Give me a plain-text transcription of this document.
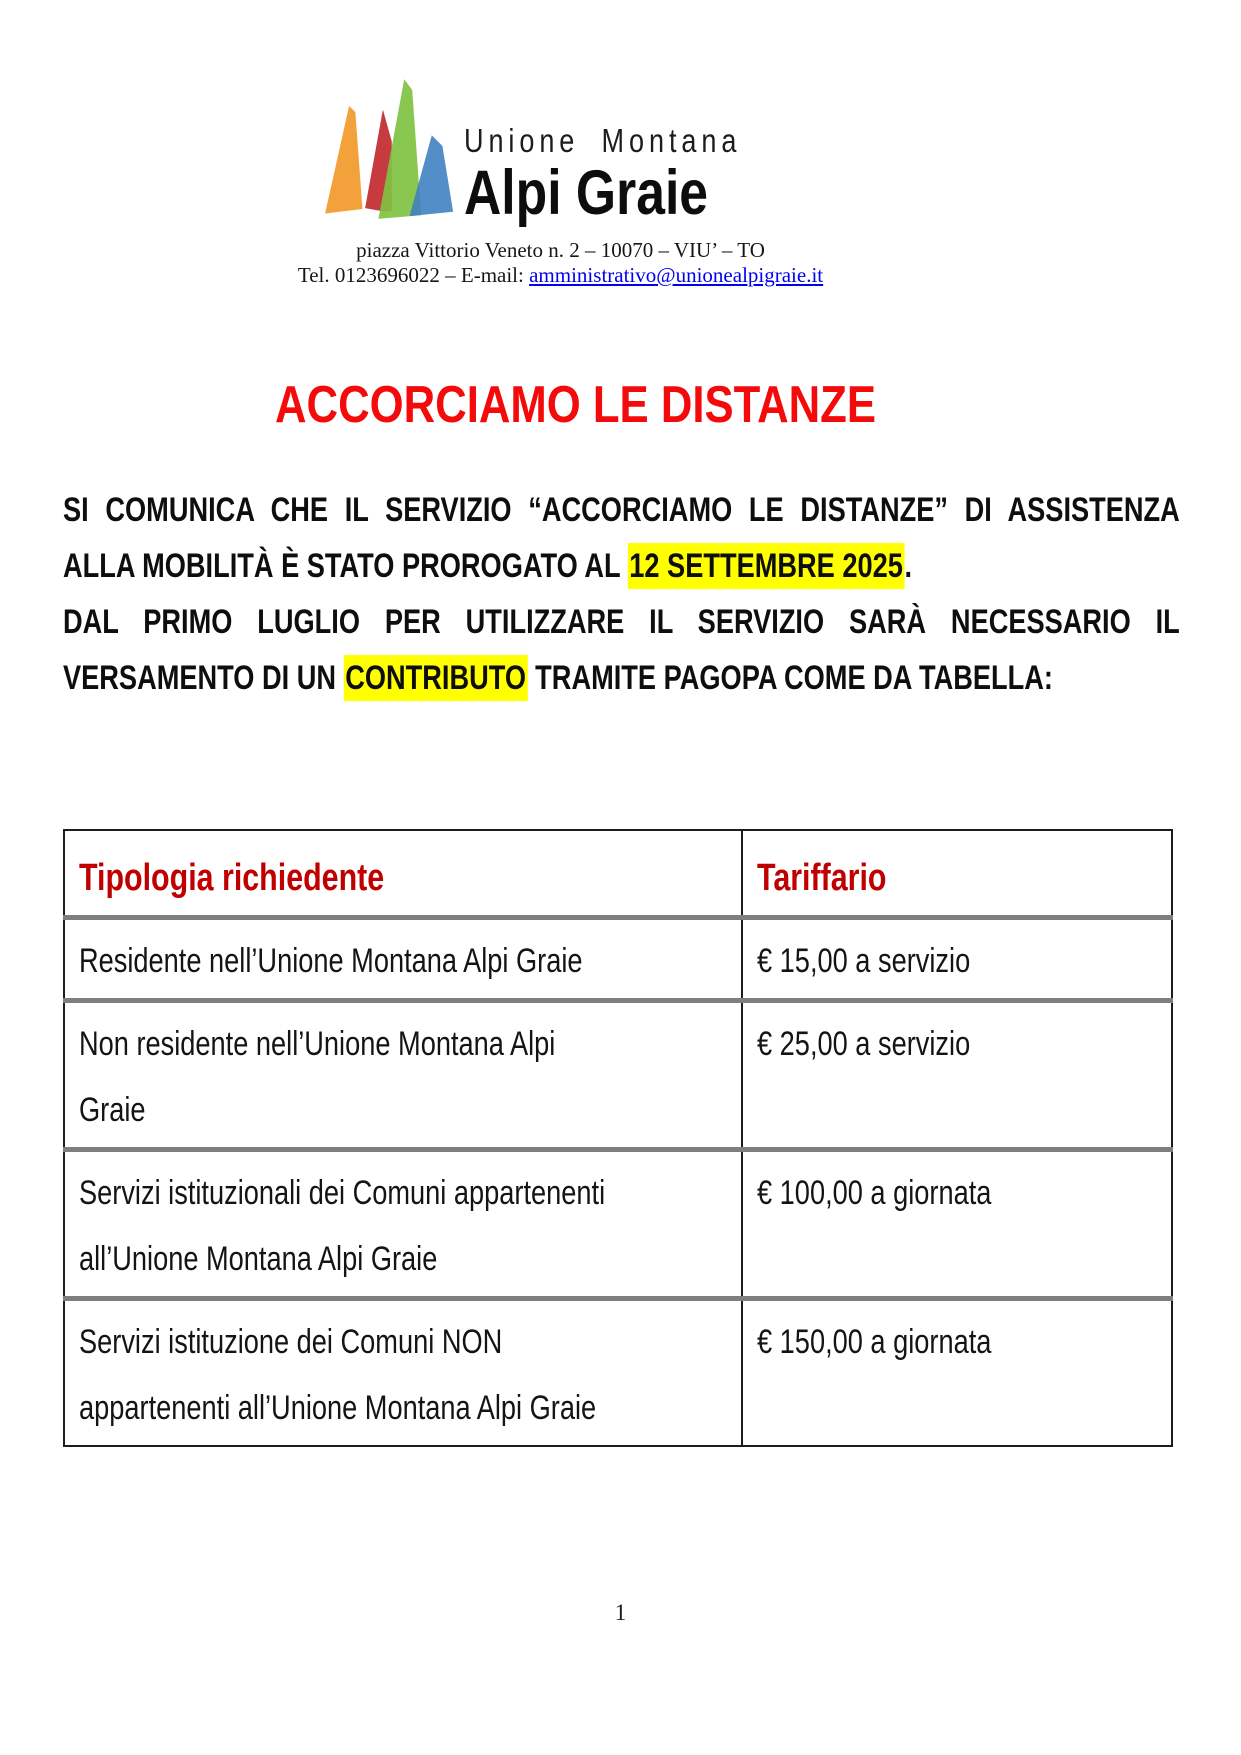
Unione Montana
Alpi Graie
piazza Vittorio Veneto n. 2 – 10070 – VIU’ – TO
Tel. 0123696022 – E-mail: amministrativo@unionealpigraie.it
ACCORCIAMO LE DISTANZE
SI COMUNICA CHE IL SERVIZIO “ACCORCIAMO LE DISTANZE” DI ASSISTENZA
ALLA MOBILITÀ È STATO PROROGATO AL 12 SETTEMBRE 2025.
DAL PRIMO LUGLIO PER UTILIZZARE IL SERVIZIO SARÀ NECESSARIO IL
VERSAMENTO DI UN CONTRIBUTO TRAMITE PAGOPA COME DA TABELLA:
Tipologia richiedente	Tariffario

Residente nell’Unione Montana Alpi Graie	€ 15,00 a servizio

Non residente nell’Unione Montana Alpi
Graie	€ 25,00 a servizio

Servizi istituzionali dei Comuni appartenenti
all’Unione Montana Alpi Graie	€ 100,00 a giornata

Servizi istituzione dei Comuni NON
appartenenti all’Unione Montana Alpi Graie	€ 150,00 a giornata
1
